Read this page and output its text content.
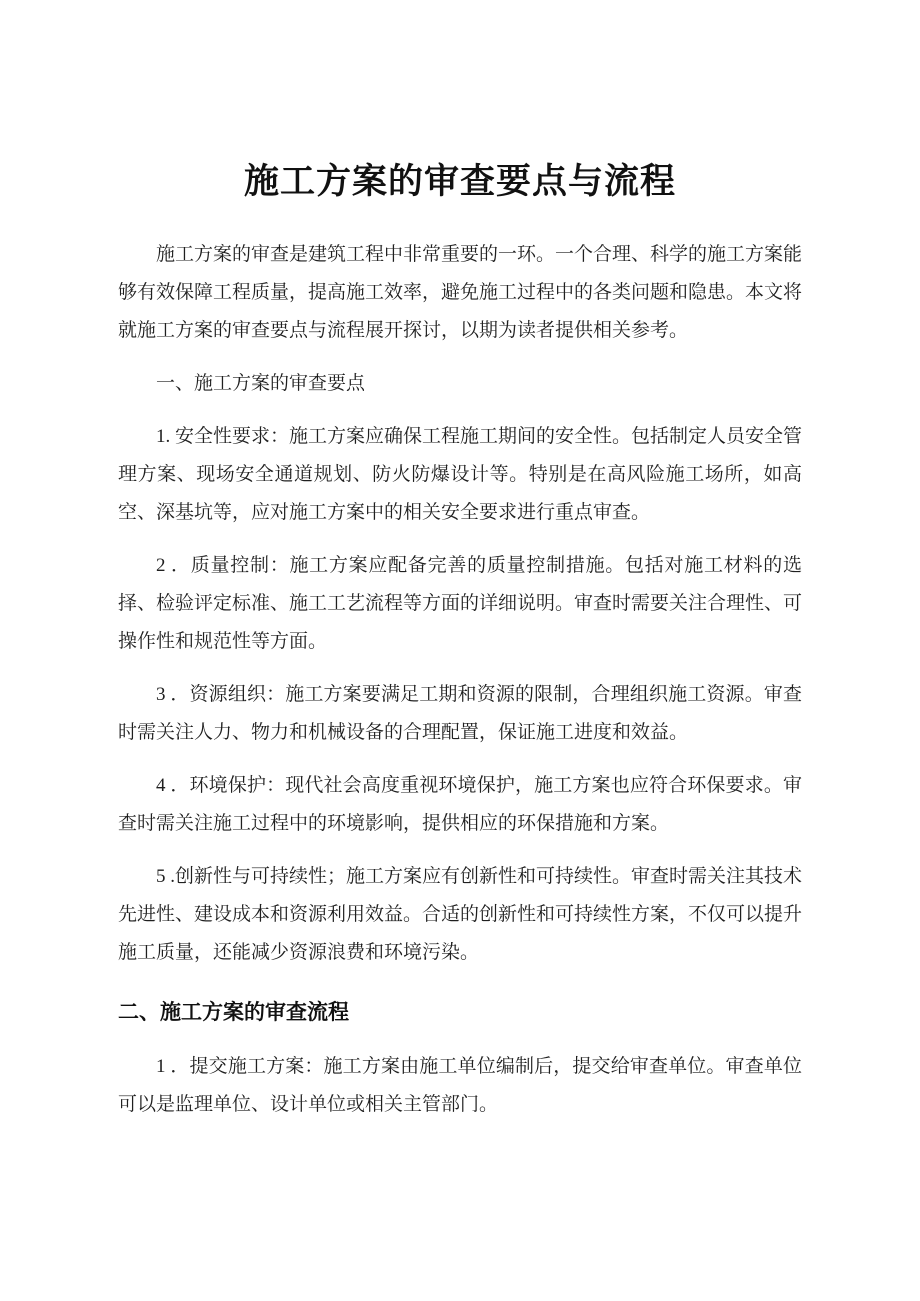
施工方案的审查要点与流程

施工方案的审查是建筑工程中非常重要的一环。一个合理、科学的施工方案能够有效保障工程质量，提高施工效率，避免施工过程中的各类问题和隐患。本文将就施工方案的审查要点与流程展开探讨，以期为读者提供相关参考。

一、施工方案的审查要点

1. 安全性要求：施工方案应确保工程施工期间的安全性。包括制定人员安全管理方案、现场安全通道规划、防火防爆设计等。特别是在高风险施工场所，如高空、深基坑等，应对施工方案中的相关安全要求进行重点审查。

2 ．质量控制：施工方案应配备完善的质量控制措施。包括对施工材料的选择、检验评定标准、施工工艺流程等方面的详细说明。审查时需要关注合理性、可操作性和规范性等方面。

3 ．资源组织：施工方案要满足工期和资源的限制，合理组织施工资源。审查时需关注人力、物力和机械设备的合理配置，保证施工进度和效益。

4 ．环境保护：现代社会高度重视环境保护，施工方案也应符合环保要求。审查时需关注施工过程中的环境影响，提供相应的环保措施和方案。

5 .创新性与可持续性；施工方案应有创新性和可持续性。审查时需关注其技术先进性、建设成本和资源利用效益。合适的创新性和可持续性方案，不仅可以提升施工质量，还能减少资源浪费和环境污染。

二、施工方案的审查流程

1 ．提交施工方案：施工方案由施工单位编制后，提交给审查单位。审查单位可以是监理单位、设计单位或相关主管部门。
